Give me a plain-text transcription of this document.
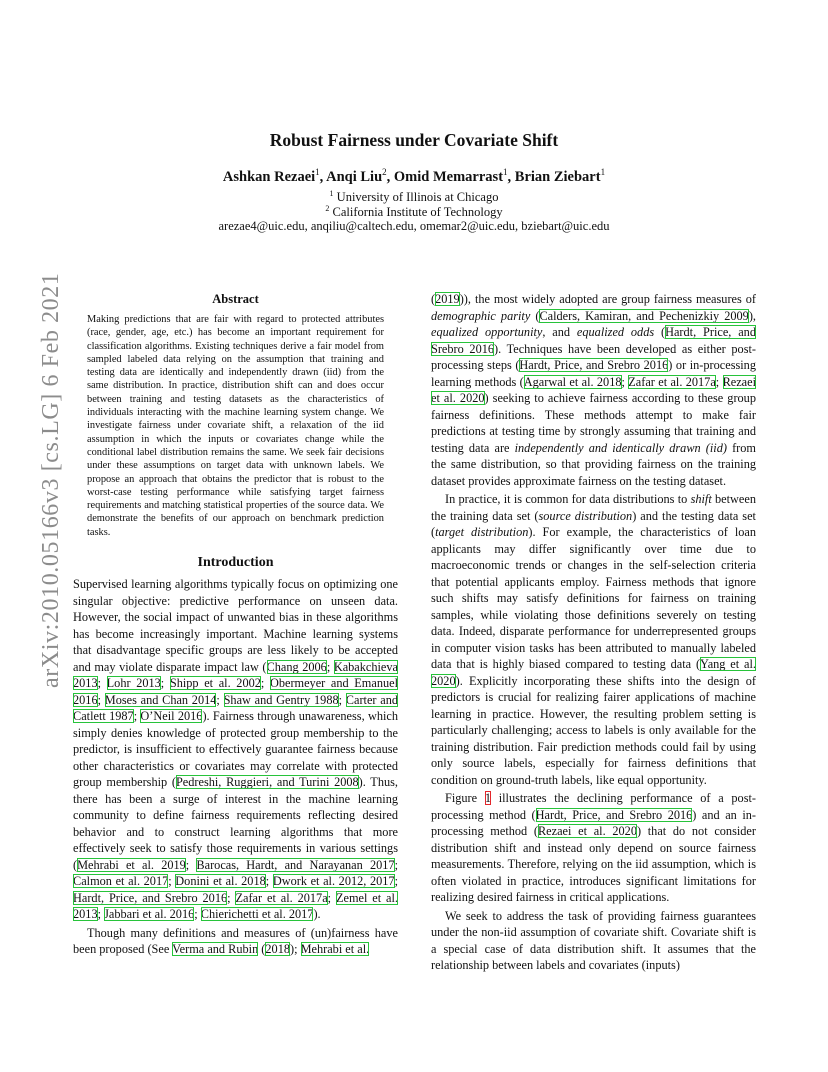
arXiv:2010.05166v3 [cs.LG] 6 Feb 2021
Robust Fairness under Covariate Shift
Ashkan Rezaei$^1$, Anqi Liu$^2$, Omid Memarrast$^1$, Brian Ziebart$^1$
$^1$ University of Illinois at Chicago
$^2$ California Institute of Technology
arezae4@uic.edu, anqiliu@caltech.edu, omemar2@uic.edu, bziebart@uic.edu
Abstract
Making predictions that are fair with regard to protected attributes (race, gender, age, etc.) has become an important requirement for classification algorithms. Existing techniques derive a fair model from sampled labeled data relying on the assumption that training and testing data are identically and independently drawn (iid) from the same distribution. In practice, distribution shift can and does occur between training and testing datasets as the characteristics of individuals interacting with the machine learning system change. We investigate fairness under covariate shift, a relaxation of the iid assumption in which the inputs or covariates change while the conditional label distribution remains the same. We seek fair decisions under these assumptions on target data with unknown labels. We propose an approach that obtains the predictor that is robust to the worst-case testing performance while satisfying target fairness requirements and matching statistical properties of the source data. We demonstrate the benefits of our approach on benchmark prediction tasks.
Introduction

Supervised learning algorithms typically focus on optimizing one singular objective: predictive performance on unseen data. However, the social impact of unwanted bias in these algorithms has become increasingly important. Machine learning systems that disadvantage specific groups are less likely to be accepted and may violate disparate impact law (Chang 2006; Kabakchieva 2013; Lohr 2013; Shipp et al. 2002; Obermeyer and Emanuel 2016; Moses and Chan 2014; Shaw and Gentry 1988; Carter and Catlett 1987; O’Neil 2016). Fairness through unawareness, which simply denies knowledge of protected group membership to the predictor, is insufficient to effectively guarantee fairness because other characteristics or covariates may correlate with protected group membership (Pedreshi, Ruggieri, and Turini 2008). Thus, there has been a surge of interest in the machine learning community to define fairness requirements reflecting desired behavior and to construct learning algorithms that more effectively seek to satisfy those requirements in various settings (Mehrabi et al. 2019; Barocas, Hardt, and Narayanan 2017; Calmon et al. 2017; Donini et al. 2018; Dwork et al. 2012, 2017; Hardt, Price, and Srebro 2016; Zafar et al. 2017a; Zemel et al. 2013; Jabbari et al. 2016; Chierichetti et al. 2017).

Though many definitions and measures of (un)fairness have been proposed (See Verma and Rubin (2018); Mehrabi et al.

(2019)), the most widely adopted are group fairness measures of demographic parity (Calders, Kamiran, and Pechenizkiy 2009), equalized opportunity, and equalized odds (Hardt, Price, and Srebro 2016). Techniques have been developed as either post-processing steps (Hardt, Price, and Srebro 2016) or in-processing learning methods (Agarwal et al. 2018; Zafar et al. 2017a; Rezaei et al. 2020) seeking to achieve fairness according to these group fairness definitions. These methods attempt to make fair predictions at testing time by strongly assuming that training and testing data are independently and identically drawn (iid) from the same distribution, so that providing fairness on the training dataset provides approximate fairness on the testing dataset.

In practice, it is common for data distributions to shift between the training data set (source distribution) and the testing data set (target distribution). For example, the characteristics of loan applicants may differ significantly over time due to macroeconomic trends or changes in the self-selection criteria that potential applicants employ. Fairness methods that ignore such shifts may satisfy definitions for fairness on training samples, while violating those definitions severely on testing data. Indeed, disparate performance for underrepresented groups in computer vision tasks has been attributed to manually labeled data that is highly biased compared to testing data (Yang et al. 2020). Explicitly incorporating these shifts into the design of predictors is crucial for realizing fairer applications of machine learning in practice. However, the resulting problem setting is particularly challenging; access to labels is only available for the training distribution. Fair prediction methods could fail by using only source labels, especially for fairness definitions that condition on ground-truth labels, like equal opportunity.

Figure 1 illustrates the declining performance of a post-processing method (Hardt, Price, and Srebro 2016) and an in-processing method (Rezaei et al. 2020) that do not consider distribution shift and instead only depend on source fairness measurements. Therefore, relying on the iid assumption, which is often violated in practice, introduces significant limitations for realizing desired fairness in critical applications.

We seek to address the task of providing fairness guarantees under the non-iid assumption of covariate shift. Covariate shift is a special case of data distribution shift. It assumes that the relationship between labels and covariates (inputs)
